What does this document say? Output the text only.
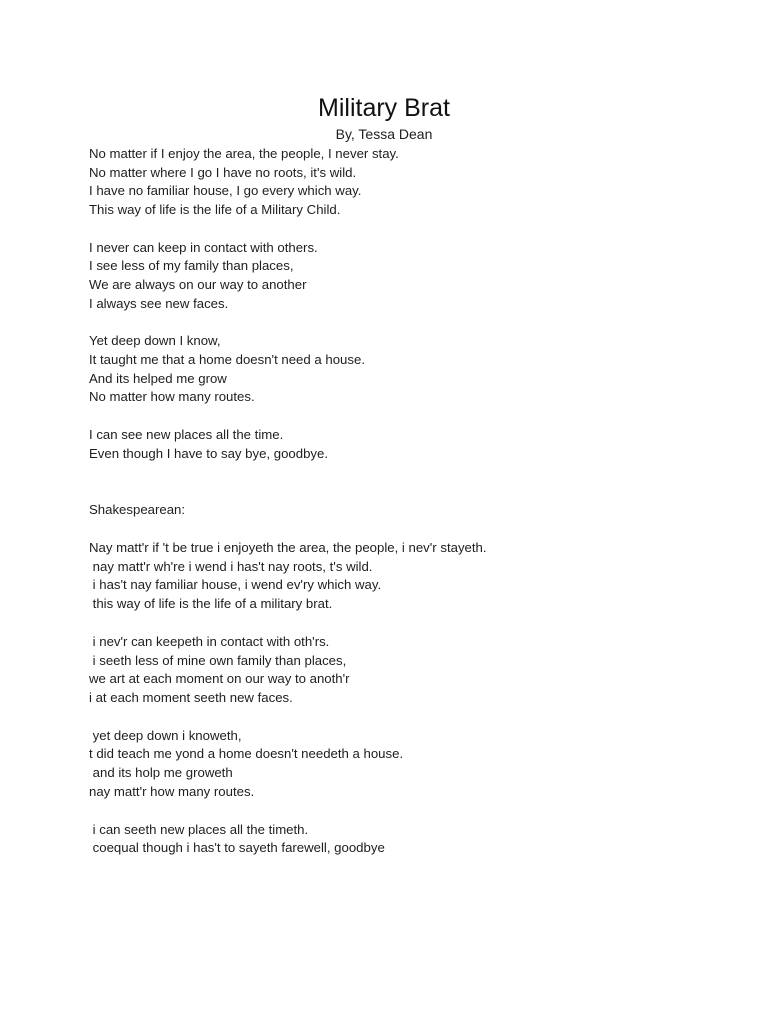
Military Brat
By, Tessa Dean
No matter if I enjoy the area, the people, I never stay.
No matter where I go I have no roots, it's wild.
I have no familiar house, I go every which way.
This way of life is the life of a Military Child.
I never can keep in contact with others.
I see less of my family than places,
We are always on our way to another
I always see new faces.
Yet deep down I know,
It taught me that a home doesn't need a house.
And its helped me grow
No matter how many routes.
I can see new places all the time.
Even though I have to say bye, goodbye.
Shakespearean:
Nay matt'r if 't be true i enjoyeth the area, the people, i nev'r stayeth.
nay matt'r wh're i wend i has't nay roots, t's wild.
i has't nay familiar house, i wend ev'ry which way.
this way of life is the life of a military brat.
i nev'r can keepeth in contact with oth'rs.
i seeth less of mine own family than places,
we art at each moment on our way to anoth'r
i at each moment seeth new faces.
yet deep down i knoweth,
t did teach me yond a home doesn't needeth a house.
and its holp me groweth
nay matt'r how many routes.
i can seeth new places all the timeth.
coequal though i has't to sayeth farewell, goodbye
